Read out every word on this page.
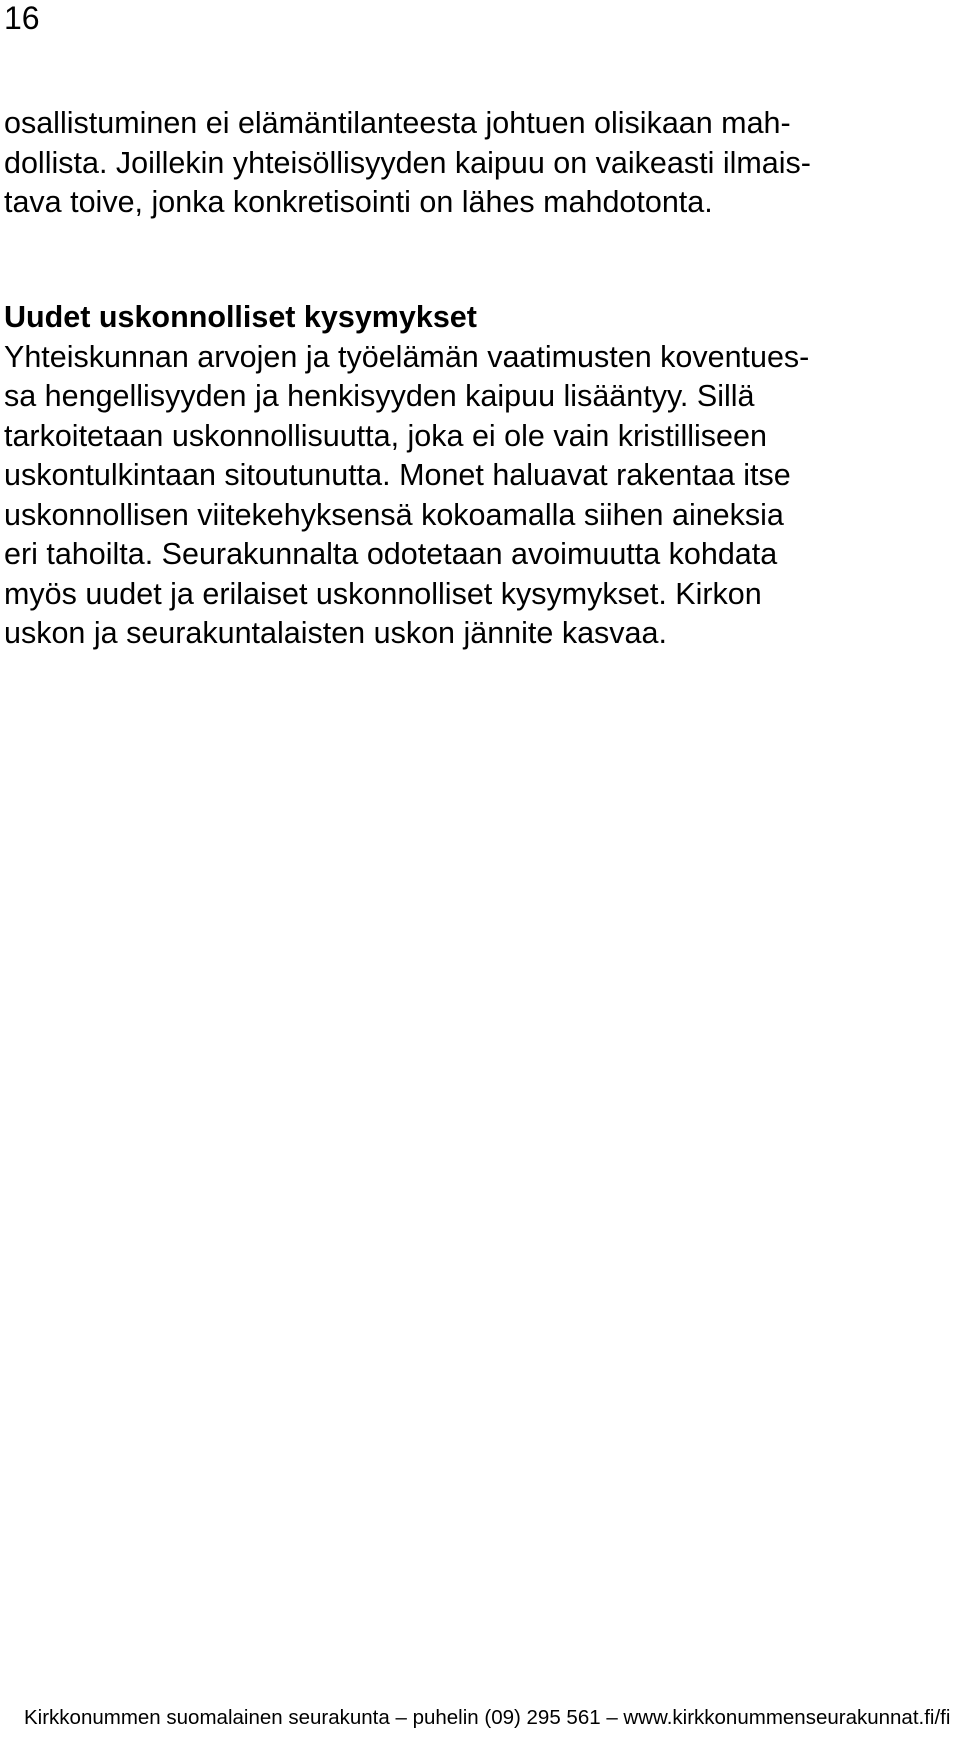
16
osallistuminen ei elämäntilanteesta johtuen olisikaan mah-
dollista. Joillekin yhteisöllisyyden kaipuu on vaikeasti ilmais-
tava toive, jonka konkretisointi on lähes mahdotonta.
Uudet uskonnolliset kysymykset
Yhteiskunnan arvojen ja työelämän vaatimusten koventues-
sa hengellisyyden ja henkisyyden kaipuu lisääntyy. Sillä
tarkoitetaan uskonnollisuutta, joka ei ole vain kristilliseen
uskontulkintaan sitoutunutta. Monet haluavat rakentaa itse
uskonnollisen viitekehyksensä kokoamalla siihen aineksia
eri tahoilta. Seurakunnalta odotetaan avoimuutta kohdata
myös uudet ja erilaiset uskonnolliset kysymykset. Kirkon
uskon ja seurakuntalaisten uskon jännite kasvaa.
Kirkkonummen suomalainen seurakunta – puhelin (09) 295 561 – www.kirkkonummenseurakunnat.fi/fi
